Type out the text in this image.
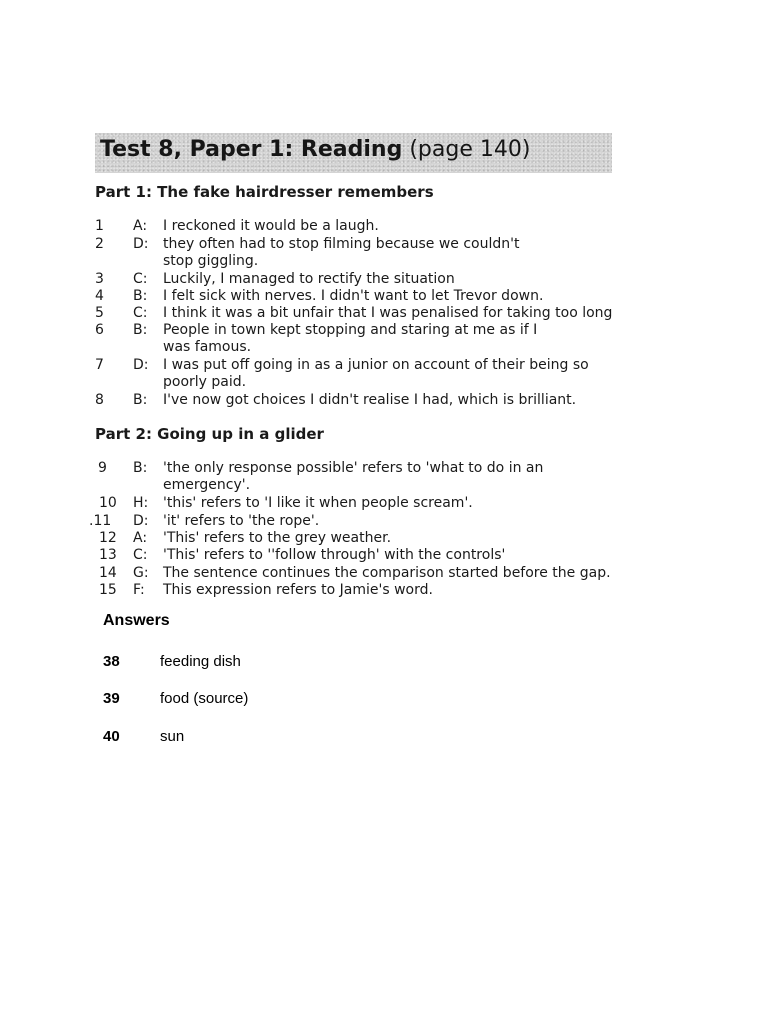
Test 8, Paper 1: Reading (page 140)
Part 1: The fake hairdresser remembers
1	A: I reckoned it would be a laugh.
2	D: they often had to stop filming because we couldn't
stop giggling.
3	C: Luckily, I managed to rectify the situation
4	B: I felt sick with nerves. I didn't want to let Trevor down.
5	C: I think it was a bit unfair that I was penalised for taking too long
6	B: People in town kept stopping and staring at me as if I
was famous.
7	D: I was put off going in as a junior on account of their being so
poorly paid.
8	B: I've now got choices I didn't realise I had, which is brilliant.
Part 2: Going up in a glider
9	B: 'the only response possible' refers to 'what to do in an
emergency'.
10	H: 'this' refers to 'I like it when people scream'.
.11 D: 'it' refers to 'the rope'.
12	A: 'This' refers to the grey weather.
13	C: 'This' refers to ''follow through' with the controls'
14	G: The sentence continues the comparison started before the gap.
15	F: This expression refers to Jamie's word.
Answers
38	feeding dish
39	food (source)
40	sun
